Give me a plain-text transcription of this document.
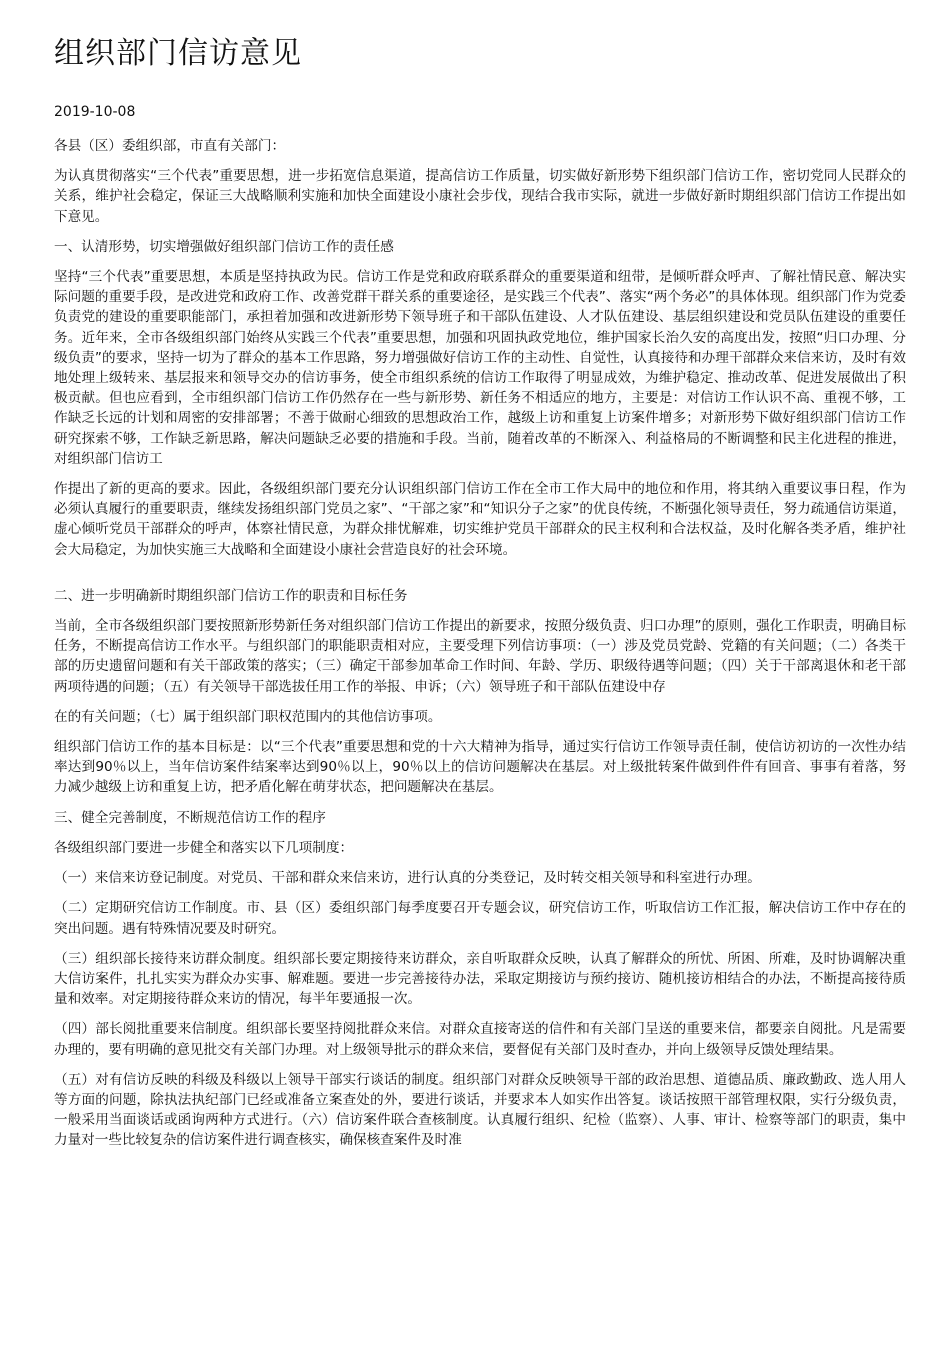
组织部门信访意见
2019-10-08

各县（区）委组织部，市直有关部门：

为认真贯彻落实“三个代表”重要思想，进一步拓宽信息渠道，提高信访工作质量，切实做好新形势下组织部门信访工作，密切党同人民群众的关系，维护社会稳定，保证三大战略顺利实施和加快全面建设小康社会步伐，现结合我市实际，就进一步做好新时期组织部门信访工作提出如下意见。

一、认清形势，切实增强做好组织部门信访工作的责任感

坚持“三个代表”重要思想，本质是坚持执政为民。信访工作是党和政府联系群众的重要渠道和纽带，是倾听群众呼声、了解社情民意、解决实际问题的重要手段，是改进党和政府工作、改善党群干群关系的重要途径，是实践三个代表”、落实“两个务必”的具体体现。组织部门作为党委负责党的建设的重要职能部门，承担着加强和改进新形势下领导班子和干部队伍建设、人才队伍建设、基层组织建设和党员队伍建设的重要任务。近年来，全市各级组织部门始终从实践三个代表”重要思想，加强和巩固执政党地位，维护国家长治久安的高度出发，按照“归口办理、分级负责”的要求，坚持一切为了群众的基本工作思路，努力增强做好信访工作的主动性、自觉性，认真接待和办理干部群众来信来访，及时有效地处理上级转来、基层报来和领导交办的信访事务，使全市组织系统的信访工作取得了明显成效，为维护稳定、推动改革、促进发展做出了积极贡献。但也应看到，全市组织部门信访工作仍然存在一些与新形势、新任务不相适应的地方，主要是：对信访工作认识不高、重视不够，工作缺乏长远的计划和周密的安排部署；不善于做耐心细致的思想政治工作，越级上访和重复上访案件增多；对新形势下做好组织部门信访工作研究探索不够，工作缺乏新思路，解决问题缺乏必要的措施和手段。当前，随着改革的不断深入、利益格局的不断调整和民主化进程的推进，对组织部门信访工

作提出了新的更高的要求。因此，各级组织部门要充分认识组织部门信访工作在全市工作大局中的地位和作用，将其纳入重要议事日程，作为必须认真履行的重要职责，继续发扬组织部门党员之家”、“干部之家”和“知识分子之家”的优良传统，不断强化领导责任，努力疏通信访渠道，虚心倾听党员干部群众的呼声，体察社情民意，为群众排忧解难，切实维护党员干部群众的民主权利和合法权益，及时化解各类矛盾，维护社会大局稳定，为加快实施三大战略和全面建设小康社会营造良好的社会环境。

二、进一步明确新时期组织部门信访工作的职责和目标任务

当前，全市各级组织部门要按照新形势新任务对组织部门信访工作提出的新要求，按照分级负责、归口办理”的原则，强化工作职责，明确目标任务，不断提高信访工作水平。与组织部门的职能职责相对应，主要受理下列信访事项：（一）涉及党员党龄、党籍的有关问题；（二）各类干部的历史遗留问题和有关干部政策的落实；（三）确定干部参加革命工作时间、年龄、学历、职级待遇等问题；（四）关于干部离退休和老干部两项待遇的问题；（五）有关领导干部选拔任用工作的举报、申诉；（六）领导班子和干部队伍建设中存

在的有关问题；（七）属于组织部门职权范围内的其他信访事项。

组织部门信访工作的基本目标是：以“三个代表”重要思想和党的十六大精神为指导，通过实行信访工作领导责任制，使信访初访的一次性办结率达到90％以上，当年信访案件结案率达到90％以上，90％以上的信访问题解决在基层。对上级批转案件做到件件有回音、事事有着落，努力减少越级上访和重复上访，把矛盾化解在萌芽状态，把问题解决在基层。

三、健全完善制度，不断规范信访工作的程序

各级组织部门要进一步健全和落实以下几项制度：

（一）来信来访登记制度。对党员、干部和群众来信来访，进行认真的分类登记，及时转交相关领导和科室进行办理。

（二）定期研究信访工作制度。市、县（区）委组织部门每季度要召开专题会议，研究信访工作，听取信访工作汇报，解决信访工作中存在的突出问题。遇有特殊情况要及时研究。

（三）组织部长接待来访群众制度。组织部长要定期接待来访群众，亲自听取群众反映，认真了解群众的所忧、所困、所难，及时协调解决重大信访案件，扎扎实实为群众办实事、解难题。要进一步完善接待办法，采取定期接访与预约接访、随机接访相结合的办法，不断提高接待质量和效率。对定期接待群众来访的情况，每半年要通报一次。

（四）部长阅批重要来信制度。组织部长要坚持阅批群众来信。对群众直接寄送的信件和有关部门呈送的重要来信，都要亲自阅批。凡是需要办理的，要有明确的意见批交有关部门办理。对上级领导批示的群众来信，要督促有关部门及时查办，并向上级领导反馈处理结果。

（五）对有信访反映的科级及科级以上领导干部实行谈话的制度。组织部门对群众反映领导干部的政治思想、道德品质、廉政勤政、选人用人等方面的问题，除执法执纪部门已经或准备立案查处的外，要进行谈话，并要求本人如实作出答复。谈话按照干部管理权限，实行分级负责，一般采用当面谈话或函询两种方式进行。（六）信访案件联合查核制度。认真履行组织、纪检（监察）、人事、审计、检察等部门的职责，集中力量对一些比较复杂的信访案件进行调查核实，确保核查案件及时准
